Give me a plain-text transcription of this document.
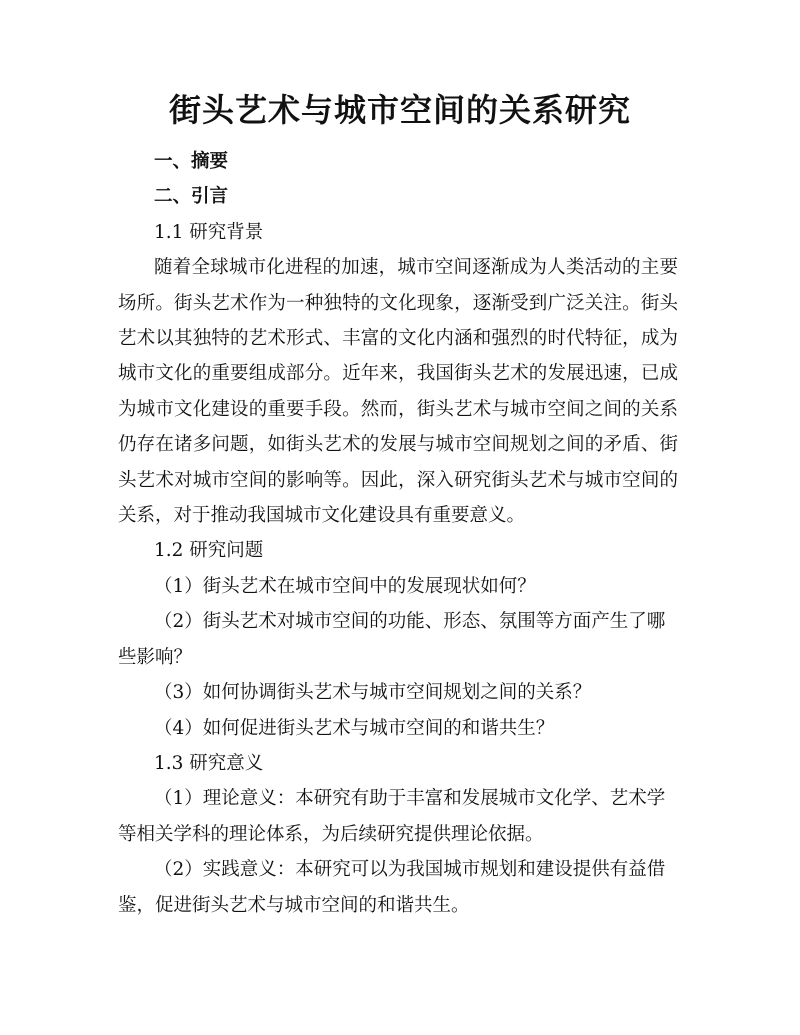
街头艺术与城市空间的关系研究
一、摘要
二、引言
1.1 研究背景

随着全球城市化进程的加速，城市空间逐渐成为人类活动的主要场所。街头艺术作为一种独特的文化现象，逐渐受到广泛关注。街头艺术以其独特的艺术形式、丰富的文化内涵和强烈的时代特征，成为城市文化的重要组成部分。近年来，我国街头艺术的发展迅速，已成为城市文化建设的重要手段。然而，街头艺术与城市空间之间的关系仍存在诸多问题，如街头艺术的发展与城市空间规划之间的矛盾、街头艺术对城市空间的影响等。因此，深入研究街头艺术与城市空间的关系，对于推动我国城市文化建设具有重要意义。

1.2 研究问题

（1）街头艺术在城市空间中的发展现状如何？

（2）街头艺术对城市空间的功能、形态、氛围等方面产生了哪些影响？

（3）如何协调街头艺术与城市空间规划之间的关系？

（4）如何促进街头艺术与城市空间的和谐共生？

1.3 研究意义

（1）理论意义：本研究有助于丰富和发展城市文化学、艺术学等相关学科的理论体系，为后续研究提供理论依据。

（2）实践意义：本研究可以为我国城市规划和建设提供有益借鉴，促进街头艺术与城市空间的和谐共生。
